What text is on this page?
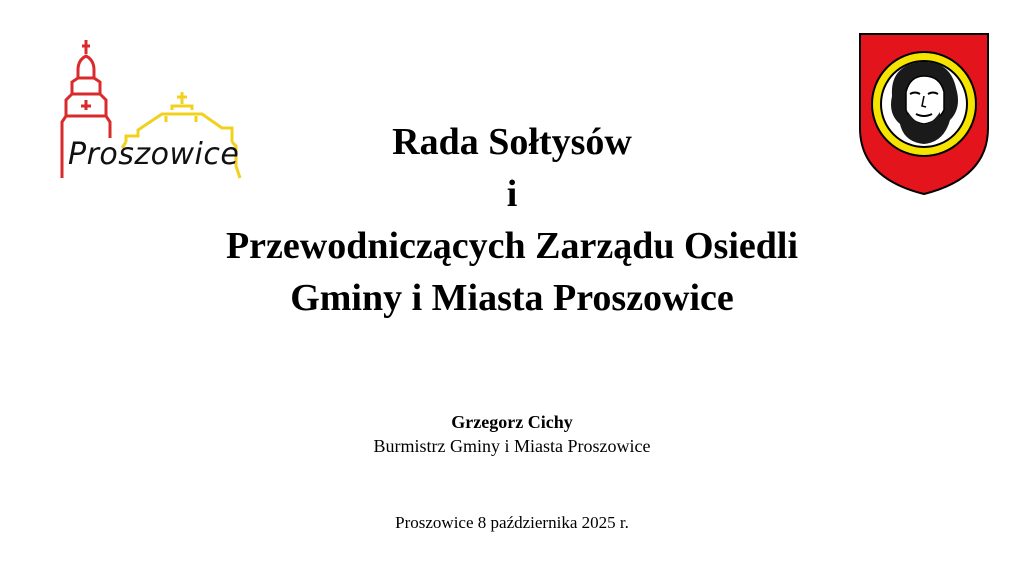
Proszowice	Rada Sołtysów
i
Przewodniczących Zarządu Osiedli
Gminy i Miasta Proszowice
Grzegorz Cichy
Burmistrz Gminy i Miasta Proszowice
Proszowice 8 października 2025 r.
